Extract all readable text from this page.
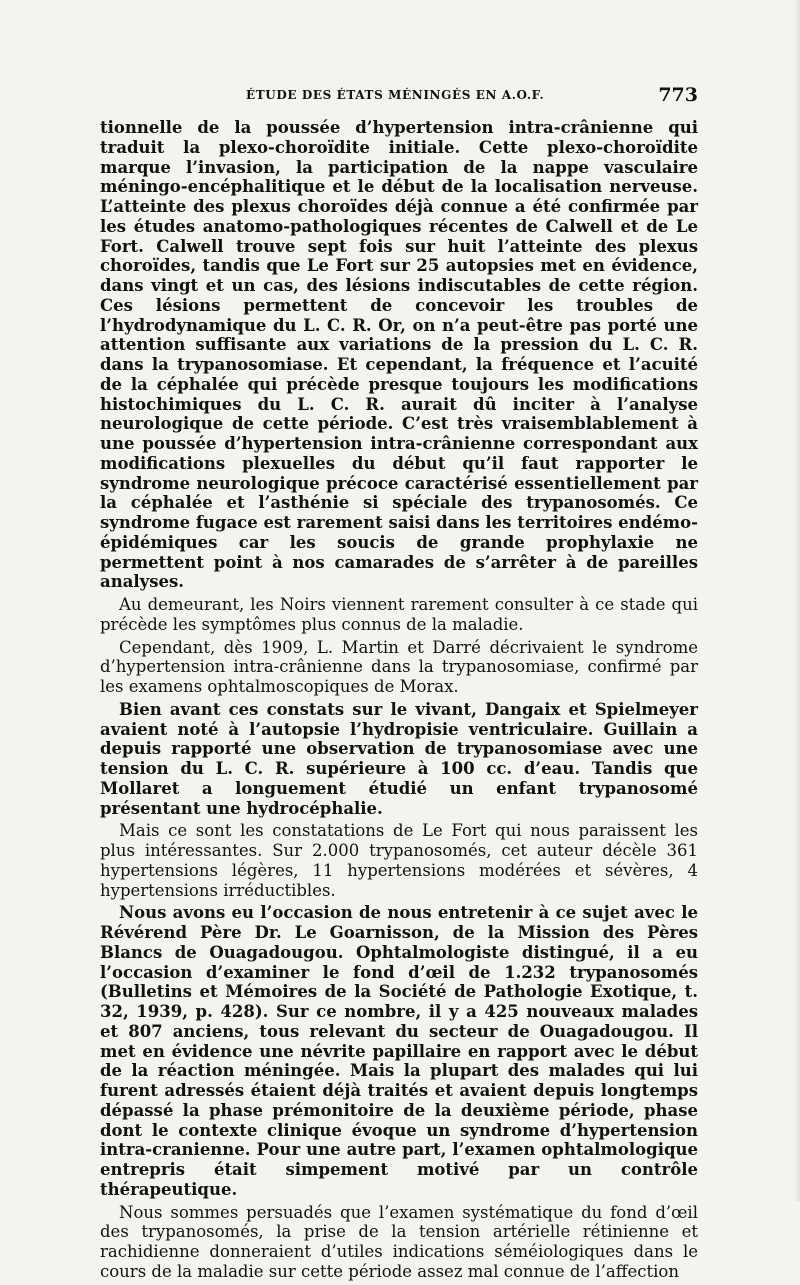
ÉTUDE DES ÉTATS MÉNINGÉS EN A.O.F.	773

tionnelle de la poussée d’hypertension intra-crânienne qui traduit la plexo-choroïdite initiale. Cette plexo-choroïdite marque l’invasion, la participation de la nappe vasculaire méningo-encéphalitique et le début de la localisation nerveuse. L’atteinte des plexus choroïdes déjà connue a été confirmée par les études anatomo-pathologiques récentes de Calwell et de Le Fort. Calwell trouve sept fois sur huit l’atteinte des plexus choroïdes, tandis que Le Fort sur 25 autopsies met en évidence, dans vingt et un cas, des lésions indiscutables de cette région. Ces lésions permettent de concevoir les troubles de l’hydrodynamique du L. C. R. Or, on n’a peut-être pas porté une attention suffisante aux variations de la pression du L. C. R. dans la trypanosomiase. Et cependant, la fréquence et l’acuité de la céphalée qui précède presque toujours les modifications histochimiques du L. C. R. aurait dû inciter à l’analyse neurologique de cette période. C’est très vraisemblablement à une poussée d’hypertension intra-crânienne correspondant aux modifications plexuelles du début qu’il faut rapporter le syndrome neurologique précoce caractérisé essentiellement par la céphalée et l’asthénie si spéciale des trypanosomés. Ce syndrome fugace est rarement saisi dans les territoires endémo-épidémiques car les soucis de grande prophylaxie ne permettent point à nos camarades de s’arrêter à de pareilles analyses.

Au demeurant, les Noirs viennent rarement consulter à ce stade qui précède les symptômes plus connus de la maladie.

Cependant, dès 1909, L. Martin et Darré décrivaient le syndrome d’hypertension intra-crânienne dans la trypanosomiase, confirmé par les examens ophtalmoscopiques de Morax.

Bien avant ces constats sur le vivant, Dangaix et Spielmeyer avaient noté à l’autopsie l’hydropisie ventriculaire. Guillain a depuis rapporté une observation de trypanosomiase avec une tension du L. C. R. supérieure à 100 cc. d’eau. Tandis que Mollaret a longuement étudié un enfant trypanosomé présentant une hydrocéphalie.

Mais ce sont les constatations de Le Fort qui nous paraissent les plus intéressantes. Sur 2.000 trypanosomés, cet auteur décèle 361 hypertensions légères, 11 hypertensions modérées et sévères, 4 hypertensions irréductibles.

Nous avons eu l’occasion de nous entretenir à ce sujet avec le Révérend Père Dr. Le Goarnisson, de la Mission des Pères Blancs de Ouagadougou. Ophtalmologiste distingué, il a eu l’occasion d’examiner le fond d’œil de 1.232 trypanosomés (Bulletins et Mémoires de la Société de Pathologie Exotique, t. 32, 1939, p. 428). Sur ce nombre, il y a 425 nouveaux malades et 807 anciens, tous relevant du secteur de Ouagadougou. Il met en évidence une névrite papillaire en rapport avec le début de la réaction méningée. Mais la plupart des malades qui lui furent adressés étaient déjà traités et avaient depuis longtemps dépassé la phase prémonitoire de la deuxième période, phase dont le contexte clinique évoque un syndrome d’hypertension intra-cranienne. Pour une autre part, l’examen ophtalmologique entrepris était simpement motivé par un contrôle thérapeutique.

Nous sommes persuadés que l’examen systématique du fond d’œil des trypanosomés, la prise de la tension artérielle rétinienne et rachidienne donneraient d’utiles indications séméiologiques dans le cours de la maladie sur cette période assez mal connue de l’affection
